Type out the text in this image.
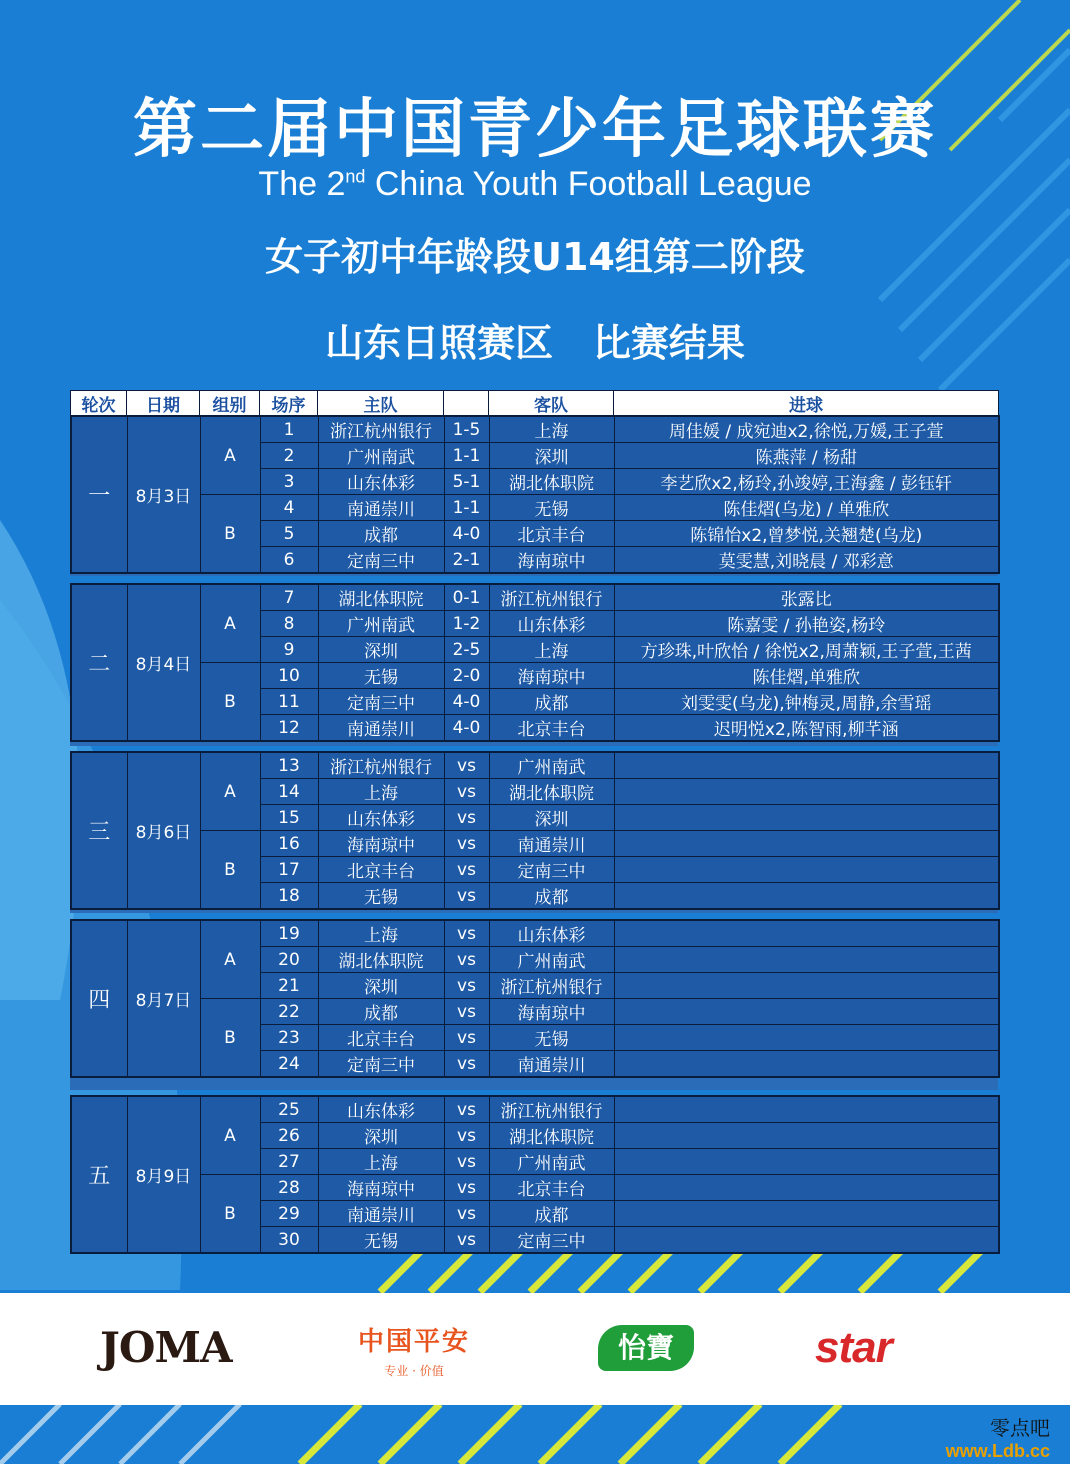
第二届中国青少年足球联赛
The 2nd China Youth Football League
女子初中年龄段U14组第二阶段
山东日照赛区   比赛结果
轮次	日期	组别	场序	主队		客队	进球
一	8月3日	A	1	浙江杭州银行	1-5	上海	周佳媛 / 成宛迪x2,徐悦,万媛,王子萱
			2	广州南武	1-1	深圳	陈燕萍 / 杨甜
			3	山东体彩	5-1	湖北体职院	李艺欣x2,杨玲,孙竣婷,王海鑫 / 彭钰轩
		B	4	南通崇川	1-1	无锡	陈佳熠(乌龙) / 单雅欣
			5	成都	4-0	北京丰台	陈锦怡x2,曾梦悦,关翘楚(乌龙)
			6	定南三中	2-1	海南琼中	莫雯慧,刘晓晨 / 邓彩意
二	8月4日	A	7	湖北体职院	0-1	浙江杭州银行	张露比
			8	广州南武	1-2	山东体彩	陈嘉雯 / 孙艳姿,杨玲
			9	深圳	2-5	上海	方珍珠,叶欣怡 / 徐悦x2,周萧颖,王子萱,王茜
		B	10	无锡	2-0	海南琼中	陈佳熠,单雅欣
			11	定南三中	4-0	成都	刘雯雯(乌龙),钟梅灵,周静,余雪瑶
			12	南通崇川	4-0	北京丰台	迟明悦x2,陈智雨,柳芊涵
三	8月6日	A	13	浙江杭州银行	vs	广州南武	
			14	上海	vs	湖北体职院	
			15	山东体彩	vs	深圳	
		B	16	海南琼中	vs	南通崇川	
			17	北京丰台	vs	定南三中	
			18	无锡	vs	成都	
四	8月7日	A	19	上海	vs	山东体彩	
			20	湖北体职院	vs	广州南武	
			21	深圳	vs	浙江杭州银行	
		B	22	成都	vs	海南琼中	
			23	北京丰台	vs	无锡	
			24	定南三中	vs	南通崇川	
五	8月9日	A	25	山东体彩	vs	浙江杭州银行	
			26	深圳	vs	湖北体职院	
			27	上海	vs	广州南武	
		B	28	海南琼中	vs	北京丰台	
			29	南通崇川	vs	成都	
			30	无锡	vs	定南三中	
JOMA	中国平安
专业 · 价值
怡寶	star
零点吧
www.Ldb.cc
